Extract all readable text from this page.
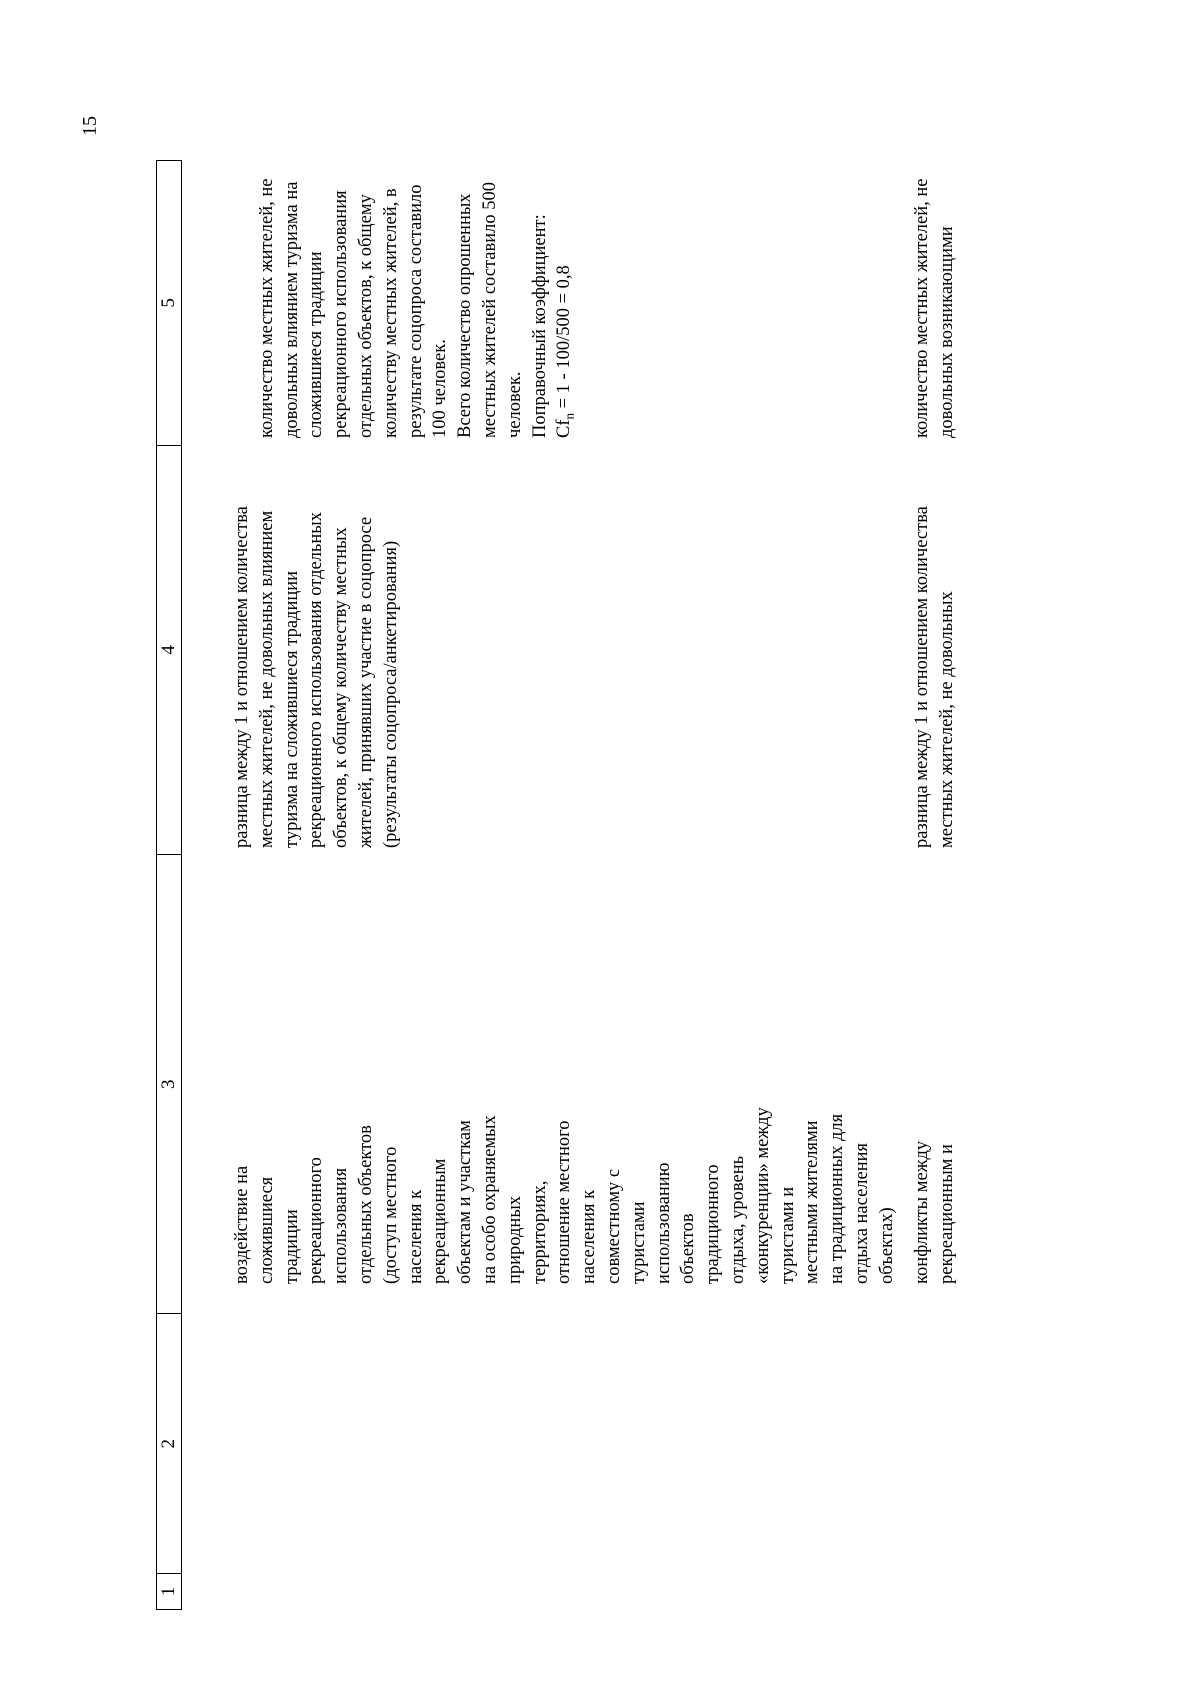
15
1
2
3
4
5
воздействие на
сложившиеся
традиции
рекреационного
использования
отдельных объектов
(доступ местного
населения к
рекреационным
объектам и участкам
на особо охраняемых
природных
территориях,
отношение местного
населения к
совместному с
туристами
использованию
объектов
традиционного
отдыха, уровень
«конкуренции» между
туристами и
местными жителями
на традиционных для
отдыха населения
объектах)
разница между 1 и отношением количества
местных жителей, не довольных влиянием
туризма на сложившиеся традиции
рекреационного использования отдельных
объектов, к общему количеству местных
жителей, принявших участие в соцопросе
(результаты соцопроса/анкетирования)

количество местных жителей, не
довольных влиянием туризма на
сложившиеся традиции
рекреационного использования
отдельных объектов, к общему
количеству местных жителей, в
результате соцопроса составило
100 человек.
Всего количество опрошенных
местных жителей составило 500
человек.
Поправочный коэффициент:

$Cf_n = 1 - 100/500 = 0,8$

конфликты между
рекреационным и
разница между 1 и отношением количества
местных жителей, не довольных
количество местных жителей, не
довольных возникающими
